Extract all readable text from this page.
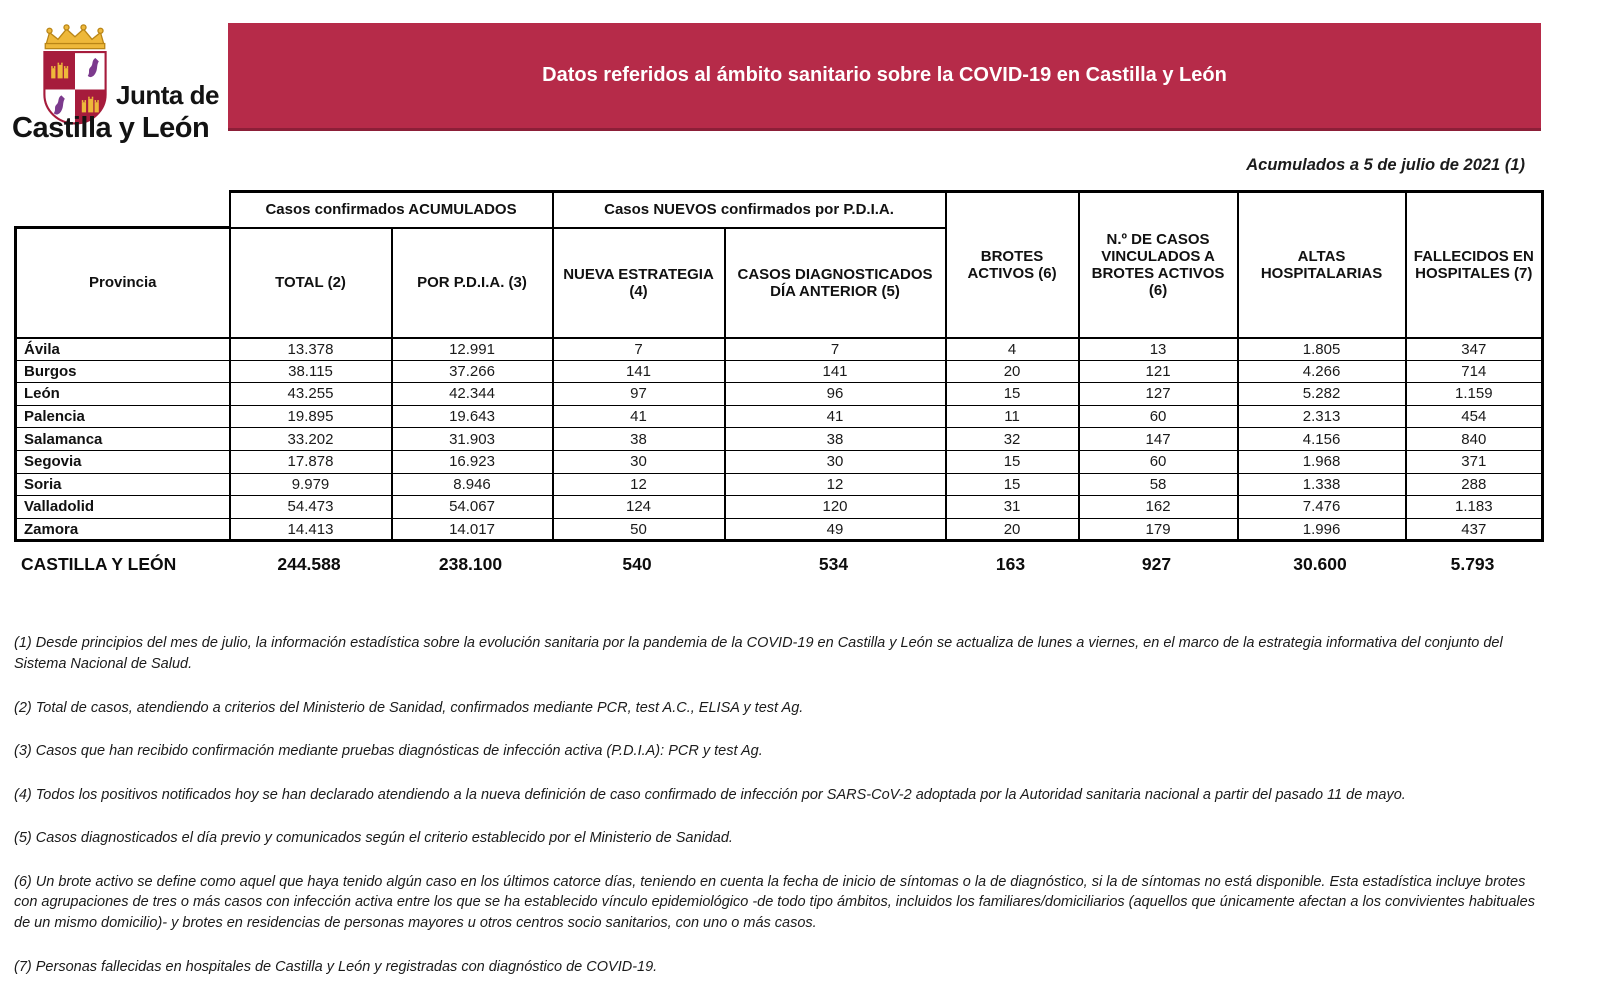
Junta de
Castilla y León
Datos referidos al ámbito sanitario sobre la COVID-19 en Castilla y León
Acumulados a 5 de julio de 2021 (1)
	Casos confirmados ACUMULADOS		Casos NUEVOS confirmados por P.D.I.A.		BROTES ACTIVOS (6)	N.º DE CASOS VINCULADOS A BROTES ACTIVOS (6)	ALTAS HOSPITALARIAS	FALLECIDOS EN HOSPITALES (7)
Provincia	TOTAL (2)	POR P.D.I.A. (3)	NUEVA ESTRATEGIA (4)	CASOS DIAGNOSTICADOS DÍA ANTERIOR (5)				
Ávila	13.378	12.991	7	7	4	13	1.805	347
Burgos	38.115	37.266	141	141	20	121	4.266	714
León	43.255	42.344	97	96	15	127	5.282	1.159
Palencia	19.895	19.643	41	41	11	60	2.313	454
Salamanca	33.202	31.903	38	38	32	147	4.156	840
Segovia	17.878	16.923	30	30	15	60	1.968	371
Soria	9.979	8.946	12	12	15	58	1.338	288
Valladolid	54.473	54.067	124	120	31	162	7.476	1.183
Zamora	14.413	14.017	50	49	20	179	1.996	437
CASTILLA Y LEÓN	244.588	238.100	540	534	163	927	30.600	5.793

(1) Desde principios del mes de julio, la información estadística sobre la evolución sanitaria por la pandemia de la COVID-19 en Castilla y León se actualiza de lunes a viernes, en el marco de la estrategia informativa del conjunto del Sistema Nacional de Salud.

(2) Total de casos, atendiendo a criterios del Ministerio de Sanidad, confirmados mediante PCR, test A.C., ELISA y test Ag.

(3) Casos que han recibido confirmación mediante pruebas diagnósticas de infección activa (P.D.I.A): PCR y test Ag.

(4) Todos los positivos notificados hoy se han declarado atendiendo a la nueva definición de caso confirmado de infección por SARS-CoV-2 adoptada por la Autoridad sanitaria nacional a partir del pasado 11 de mayo.

(5) Casos diagnosticados el día previo y comunicados según el criterio establecido por el Ministerio de Sanidad.

(6) Un brote activo se define como aquel que haya tenido algún caso en los últimos catorce días, teniendo en cuenta la fecha de inicio de síntomas o la de diagnóstico, si la de síntomas no está disponible. Esta estadística incluye brotes con agrupaciones de tres o más casos con infección activa entre los que se ha establecido vínculo epidemiológico -de todo tipo ámbitos, incluidos los familiares/domiciliarios (aquellos que únicamente afectan a los convivientes habituales de un mismo domicilio)- y brotes en residencias de personas mayores u otros centros socio sanitarios, con uno o más casos.

(7) Personas fallecidas en hospitales de Castilla y León y registradas con diagnóstico de COVID-19.
